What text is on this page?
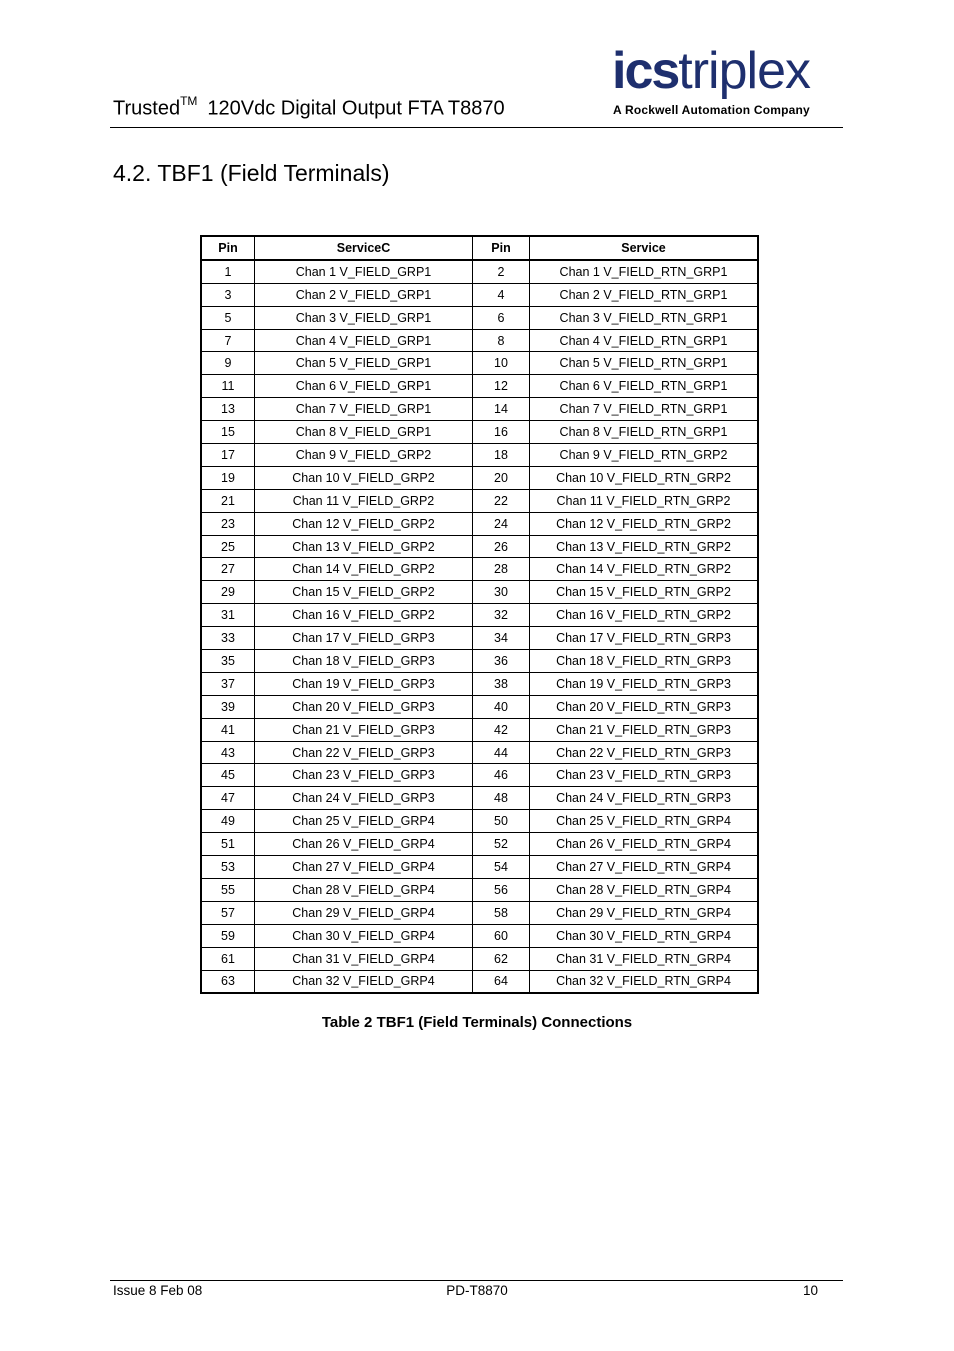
Trusted™ 120Vdc Digital Output FTA T8870
icstriplex
A Rockwell Automation Company
4.2. TBF1 (Field Terminals)
Pin	ServiceC	Pin	Service
1	Chan 1 V_FIELD_GRP1	2	Chan 1 V_FIELD_RTN_GRP1
3	Chan 2 V_FIELD_GRP1	4	Chan 2 V_FIELD_RTN_GRP1
5	Chan 3 V_FIELD_GRP1	6	Chan 3 V_FIELD_RTN_GRP1
7	Chan 4 V_FIELD_GRP1	8	Chan 4 V_FIELD_RTN_GRP1
9	Chan 5 V_FIELD_GRP1	10	Chan 5 V_FIELD_RTN_GRP1
11	Chan 6 V_FIELD_GRP1	12	Chan 6 V_FIELD_RTN_GRP1
13	Chan 7 V_FIELD_GRP1	14	Chan 7 V_FIELD_RTN_GRP1
15	Chan 8 V_FIELD_GRP1	16	Chan 8 V_FIELD_RTN_GRP1
17	Chan 9 V_FIELD_GRP2	18	Chan 9 V_FIELD_RTN_GRP2
19	Chan 10 V_FIELD_GRP2	20	Chan 10 V_FIELD_RTN_GRP2
21	Chan 11 V_FIELD_GRP2	22	Chan 11 V_FIELD_RTN_GRP2
23	Chan 12 V_FIELD_GRP2	24	Chan 12 V_FIELD_RTN_GRP2
25	Chan 13 V_FIELD_GRP2	26	Chan 13 V_FIELD_RTN_GRP2
27	Chan 14 V_FIELD_GRP2	28	Chan 14 V_FIELD_RTN_GRP2
29	Chan 15 V_FIELD_GRP2	30	Chan 15 V_FIELD_RTN_GRP2
31	Chan 16 V_FIELD_GRP2	32	Chan 16 V_FIELD_RTN_GRP2
33	Chan 17 V_FIELD_GRP3	34	Chan 17 V_FIELD_RTN_GRP3
35	Chan 18 V_FIELD_GRP3	36	Chan 18 V_FIELD_RTN_GRP3
37	Chan 19 V_FIELD_GRP3	38	Chan 19 V_FIELD_RTN_GRP3
39	Chan 20 V_FIELD_GRP3	40	Chan 20 V_FIELD_RTN_GRP3
41	Chan 21 V_FIELD_GRP3	42	Chan 21 V_FIELD_RTN_GRP3
43	Chan 22 V_FIELD_GRP3	44	Chan 22 V_FIELD_RTN_GRP3
45	Chan 23 V_FIELD_GRP3	46	Chan 23 V_FIELD_RTN_GRP3
47	Chan 24 V_FIELD_GRP3	48	Chan 24 V_FIELD_RTN_GRP3
49	Chan 25 V_FIELD_GRP4	50	Chan 25 V_FIELD_RTN_GRP4
51	Chan 26 V_FIELD_GRP4	52	Chan 26 V_FIELD_RTN_GRP4
53	Chan 27 V_FIELD_GRP4	54	Chan 27 V_FIELD_RTN_GRP4
55	Chan 28 V_FIELD_GRP4	56	Chan 28 V_FIELD_RTN_GRP4
57	Chan 29 V_FIELD_GRP4	58	Chan 29 V_FIELD_RTN_GRP4
59	Chan 30 V_FIELD_GRP4	60	Chan 30 V_FIELD_RTN_GRP4
61	Chan 31 V_FIELD_GRP4	62	Chan 31 V_FIELD_RTN_GRP4
63	Chan 32 V_FIELD_GRP4	64	Chan 32 V_FIELD_RTN_GRP4
Table 2 TBF1 (Field Terminals) Connections
Issue 8 Feb 08	PD-T8870	10
